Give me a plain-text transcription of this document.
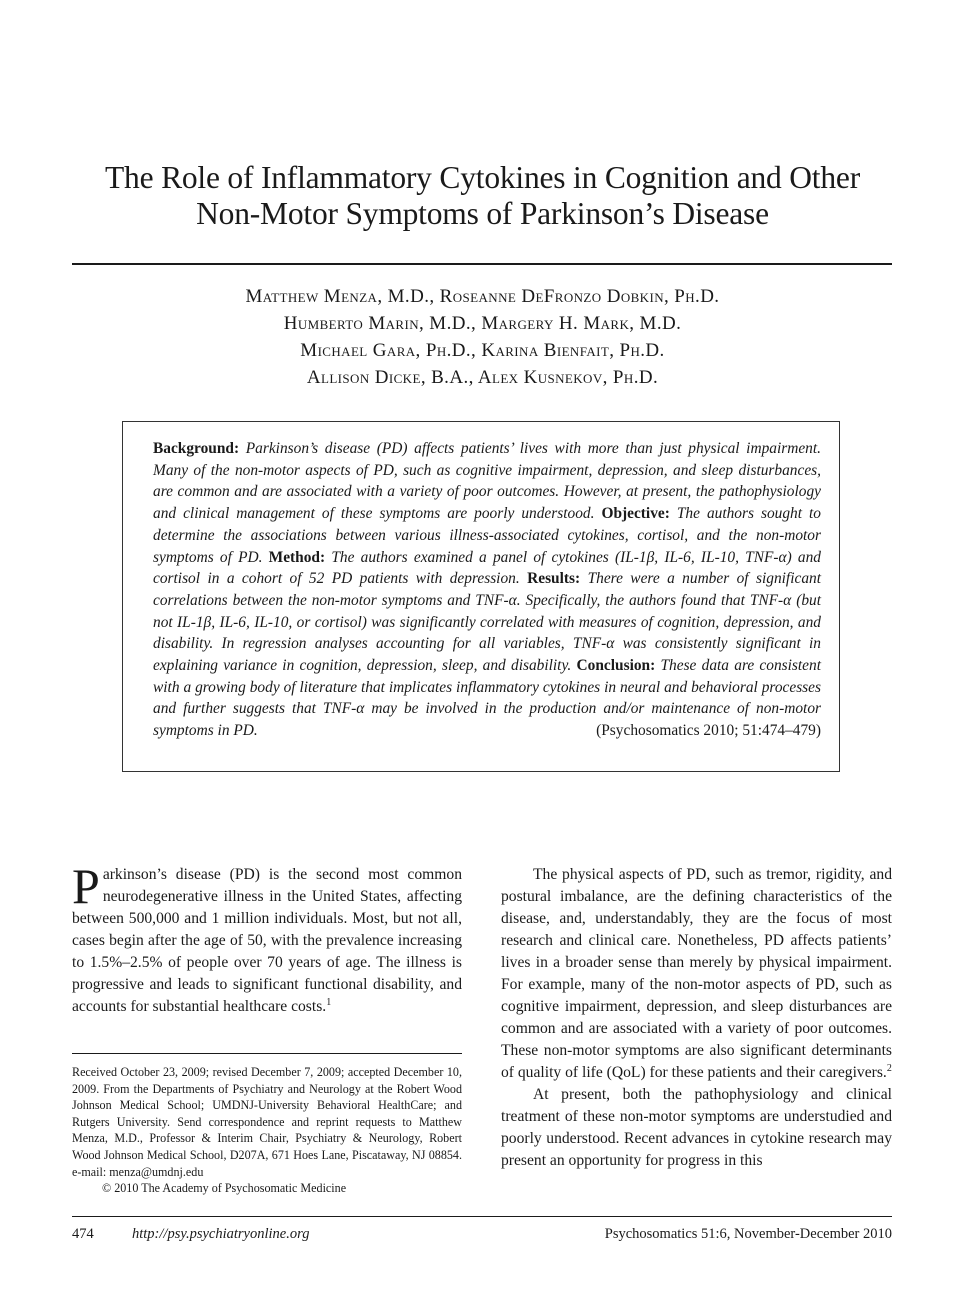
The Role of Inflammatory Cytokines in Cognition and Other
Non-Motor Symptoms of Parkinson’s Disease
Matthew Menza, M.D., Roseanne DeFronzo Dobkin, Ph.D.
Humberto Marin, M.D., Margery H. Mark, M.D.
Michael Gara, Ph.D., Karina Bienfait, Ph.D.
Allison Dicke, B.A., Alex Kusnekov, Ph.D.
Background: Parkinson’s disease (PD) affects patients’ lives with more than just physical impairment. Many of the non-motor aspects of PD, such as cognitive impairment, depression, and sleep disturbances, are common and are associated with a variety of poor outcomes. However, at present, the pathophysiology and clinical management of these symptoms are poorly understood. Objective: The authors sought to determine the associations between various illness-associated cytokines, cortisol, and the non-motor symptoms of PD. Method: The authors examined a panel of cytokines (IL-1β, IL-6, IL-10, TNF-α) and cortisol in a cohort of 52 PD patients with depression. Results: There were a number of significant correlations between the non-motor symptoms and TNF-α. Specifically, the authors found that TNF-α (but not IL-1β, IL-6, IL-10, or cortisol) was significantly correlated with measures of cognition, depression, and disability. In regression analyses accounting for all variables, TNF-α was consistently significant in explaining variance in cognition, depression, sleep, and disability. Conclusion: These data are consistent with a growing body of literature that implicates inflammatory cytokines in neural and behavioral processes and further suggests that TNF-α may be involved in the production and/or maintenance of non-motor symptoms in PD.	(Psychosomatics 2010; 51:474–479)

Parkinson’s disease (PD) is the second most common neurodegenerative illness in the United States, affecting between 500,000 and 1 million individuals. Most, but not all, cases begin after the age of 50, with the prevalence increasing to 1.5%–2.5% of people over 70 years of age. The illness is progressive and leads to significant functional disability, and accounts for substantial healthcare costs.$^1$

Received October 23, 2009; revised December 7, 2009; accepted December 10, 2009. From the Departments of Psychiatry and Neurology at the Robert Wood Johnson Medical School; UMDNJ-University Behavioral HealthCare; and Rutgers University. Send correspondence and reprint requests to Matthew Menza, M.D., Professor & Interim Chair, Psychiatry & Neurology, Robert Wood Johnson Medical School, D207A, 671 Hoes Lane, Piscataway, NJ 08854. e-mail: menza@umdnj.edu

© 2010 The Academy of Psychosomatic Medicine

The physical aspects of PD, such as tremor, rigidity, and postural imbalance, are the defining characteristics of the disease, and, understandably, they are the focus of most research and clinical care. Nonetheless, PD affects patients’ lives in a broader sense than merely by physical impairment. For example, many of the non-motor aspects of PD, such as cognitive impairment, depression, and sleep disturbances are common and are associated with a variety of poor outcomes. These non-motor symptoms are also significant determinants of quality of life (QoL) for these patients and their caregivers.$^2$

At present, both the pathophysiology and clinical treatment of these non-motor symptoms are understudied and poorly understood. Recent advances in cytokine research may present an opportunity for progress in this

474	http://psy.psychiatryonline.org	Psychosomatics 51:6, November-December 2010
